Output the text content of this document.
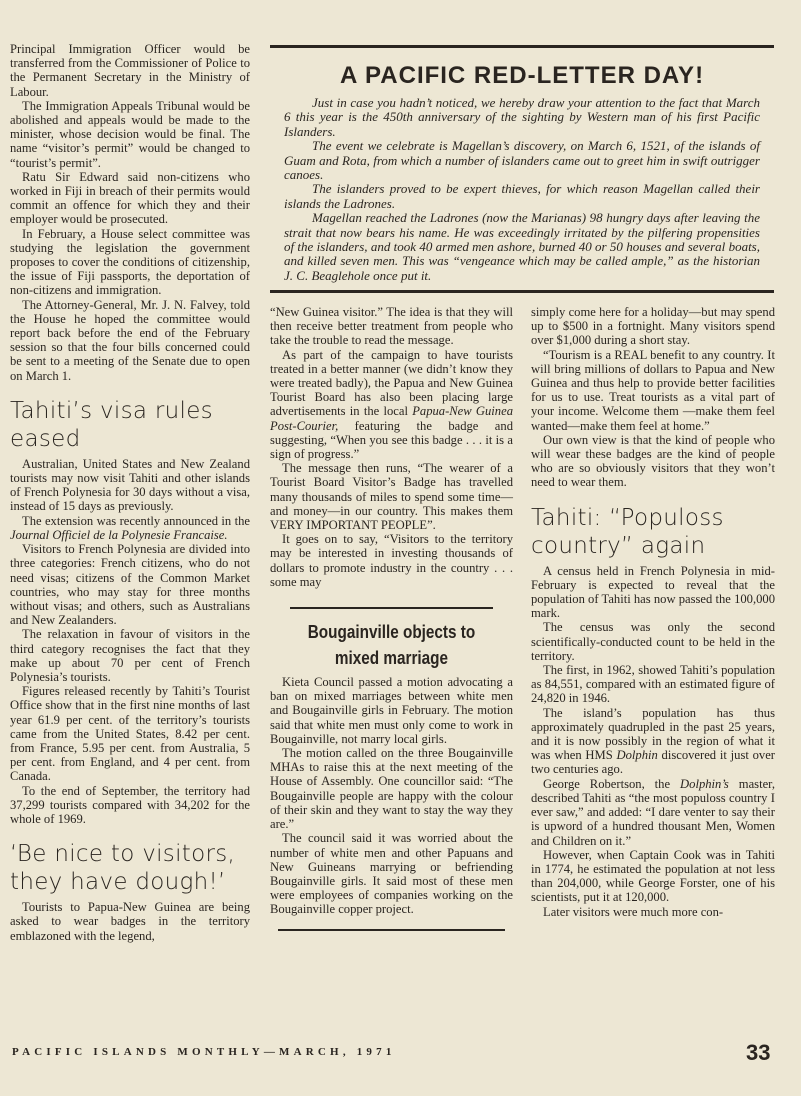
Principal Immigration Officer would be transferred from the Commissioner of Police to the Permanent Secretary in the Ministry of Labour.

The Immigration Appeals Tribunal would be abolished and appeals would be made to the minister, whose decision would be final. The name “visitor’s permit” would be changed to “tourist’s permit”.

Ratu Sir Edward said non-citizens who worked in Fiji in breach of their permits would commit an offence for which they and their employer would be prosecuted.

In February, a House select committee was studying the legislation the government proposes to cover the conditions of citizenship, the issue of Fiji passports, the deportation of non-citizens and immigration.

The Attorney-General, Mr. J. N. Falvey, told the House he hoped the committee would report back before the end of the February session so that the four bills concerned could be sent to a meeting of the Senate due to open on March 1.

Tahiti’s visa rules eased

Australian, United States and New Zealand tourists may now visit Tahiti and other islands of French Polynesia for 30 days without a visa, instead of 15 days as previously.

The extension was recently announced in the Journal Officiel de la Polynesie Francaise.

Visitors to French Polynesia are divided into three categories: French citizens, who do not need visas; citizens of the Common Market countries, who may stay for three months without visas; and others, such as Australians and New Zealanders.

The relaxation in favour of visitors in the third category recognises the fact that they make up about 70 per cent of French Polynesia’s tourists.

Figures released recently by Tahiti’s Tourist Office show that in the first nine months of last year 61.9 per cent. of the territory’s tourists came from the United States, 8.42 per cent. from France, 5.95 per cent. from Australia, 5 per cent. from England, and 4 per cent. from Canada.

To the end of September, the territory had 37,299 tourists compared with 34,202 for the whole of 1969.

‘Be nice to visitors, they have dough!’

Tourists to Papua-New Guinea are being asked to wear badges in the territory emblazoned with the legend,

A PACIFIC RED-LETTER DAY!

Just in case you hadn’t noticed, we hereby draw your attention to the fact that March 6 this year is the 450th anniversary of the sighting by Western man of his first Pacific Islanders.

The event we celebrate is Magellan’s discovery, on March 6, 1521, of the islands of Guam and Rota, from which a number of islanders came out to greet him in swift outrigger canoes.

The islanders proved to be expert thieves, for which reason Magellan called their islands the Ladrones.

Magellan reached the Ladrones (now the Marianas) 98 hungry days after leaving the strait that now bears his name. He was exceedingly irritated by the pilfering propensities of the islanders, and took 40 armed men ashore, burned 40 or 50 houses and several boats, and killed seven men. This was “vengeance which may be called ample,” as the historian J. C. Beaglehole once put it.

“New Guinea visitor.” The idea is that they will then receive better treatment from people who take the trouble to read the message.

As part of the campaign to have tourists treated in a better manner (we didn’t know they were treated badly), the Papua and New Guinea Tourist Board has also been placing large advertisements in the local Papua-New Guinea Post-Courier, featuring the badge and suggesting, “When you see this badge . . . it is a sign of progress.”

The message then runs, “The wearer of a Tourist Board Visitor’s Badge has travelled many thousands of miles to spend some time—and money—in our country. This makes them VERY IMPORTANT PEOPLE”.

It goes on to say, “Visitors to the territory may be interested in investing thousands of dollars to promote industry in the country . . . some may

Bougainville objects to mixed marriage

Kieta Council passed a motion advocating a ban on mixed marriages between white men and Bougainville girls in February. The motion said that white men must only come to work in Bougainville, not marry local girls.

The motion called on the three Bougainville MHAs to raise this at the next meeting of the House of Assembly. One councillor said: “The Bougainville people are happy with the colour of their skin and they want to stay the way they are.”

The council said it was worried about the number of white men and other Papuans and New Guineans marrying or befriending Bougainville girls. It said most of these men were employees of companies working on the Bougainville copper project.

simply come here for a holiday—but may spend up to $500 in a fortnight. Many visitors spend over $1,000 during a short stay.

“Tourism is a REAL benefit to any country. It will bring millions of dollars to Papua and New Guinea and thus help to provide better facilities for us to use. Treat tourists as a vital part of your income. Welcome them —make them feel wanted—make them feel at home.”

Our own view is that the kind of people who will wear these badges are the kind of people who are so obviously visitors that they won’t need to wear them.

Tahiti: “Populoss country” again

A census held in French Polynesia in mid-February is expected to reveal that the population of Tahiti has now passed the 100,000 mark.

The census was only the second scientifically-conducted count to be held in the territory.

The first, in 1962, showed Tahiti’s population as 84,551, compared with an estimated figure of 24,820 in 1946.

The island’s population has thus approximately quadrupled in the past 25 years, and it is now possibly in the region of what it was when HMS Dolphin discovered it just over two centuries ago.

George Robertson, the Dolphin’s master, described Tahiti as “the most populoss country I ever saw,” and added: “I dare venter to say their is upword of a hundred thousant Men, Women and Children on it.”

However, when Captain Cook was in Tahiti in 1774, he estimated the population at not less than 204,000, while George Forster, one of his scientists, put it at 120,000.

Later visitors were much more con-

PACIFIC ISLANDS MONTHLY—MARCH, 1971	33
